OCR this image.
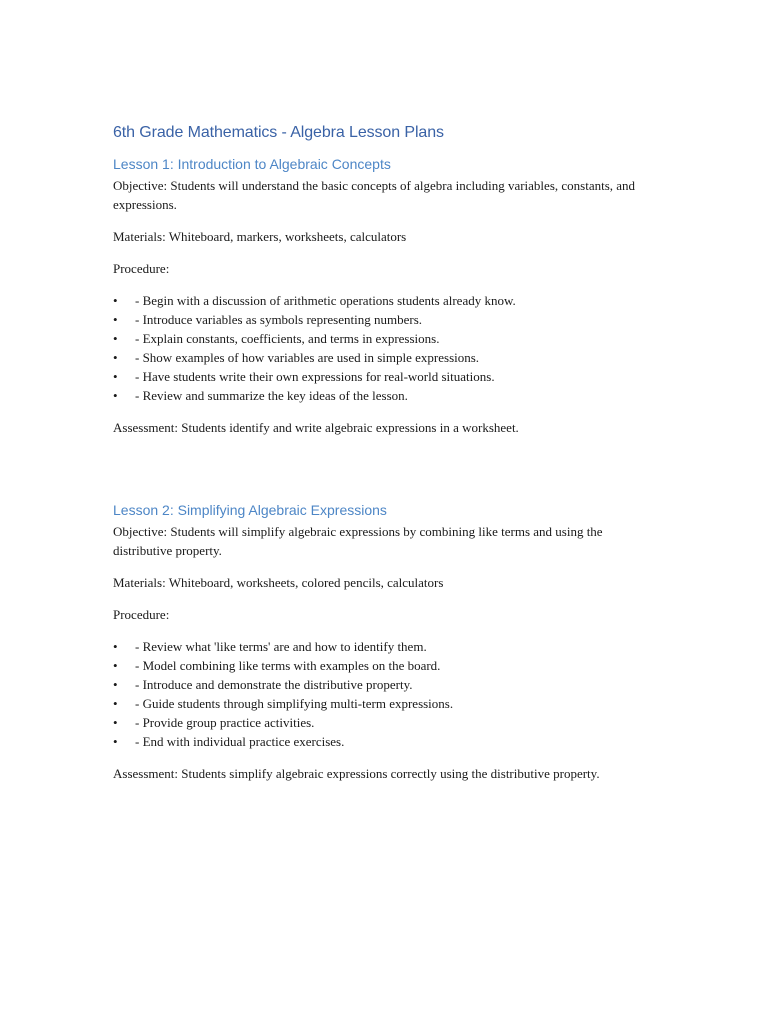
6th Grade Mathematics - Algebra Lesson Plans
Lesson 1: Introduction to Algebraic Concepts

Objective: Students will understand the basic concepts of algebra including variables, constants, and expressions.

Materials: Whiteboard, markers, worksheets, calculators

Procedure:

• - Begin with a discussion of arithmetic operations students already know.
• - Introduce variables as symbols representing numbers.
• - Explain constants, coefficients, and terms in expressions.
• - Show examples of how variables are used in simple expressions.
• - Have students write their own expressions for real-world situations.
• - Review and summarize the key ideas of the lesson.

Assessment: Students identify and write algebraic expressions in a worksheet.

Lesson 2: Simplifying Algebraic Expressions

Objective: Students will simplify algebraic expressions by combining like terms and using the distributive property.

Materials: Whiteboard, worksheets, colored pencils, calculators

Procedure:

• - Review what 'like terms' are and how to identify them.
• - Model combining like terms with examples on the board.
• - Introduce and demonstrate the distributive property.
• - Guide students through simplifying multi-term expressions.
• - Provide group practice activities.
• - End with individual practice exercises.

Assessment: Students simplify algebraic expressions correctly using the distributive property.
